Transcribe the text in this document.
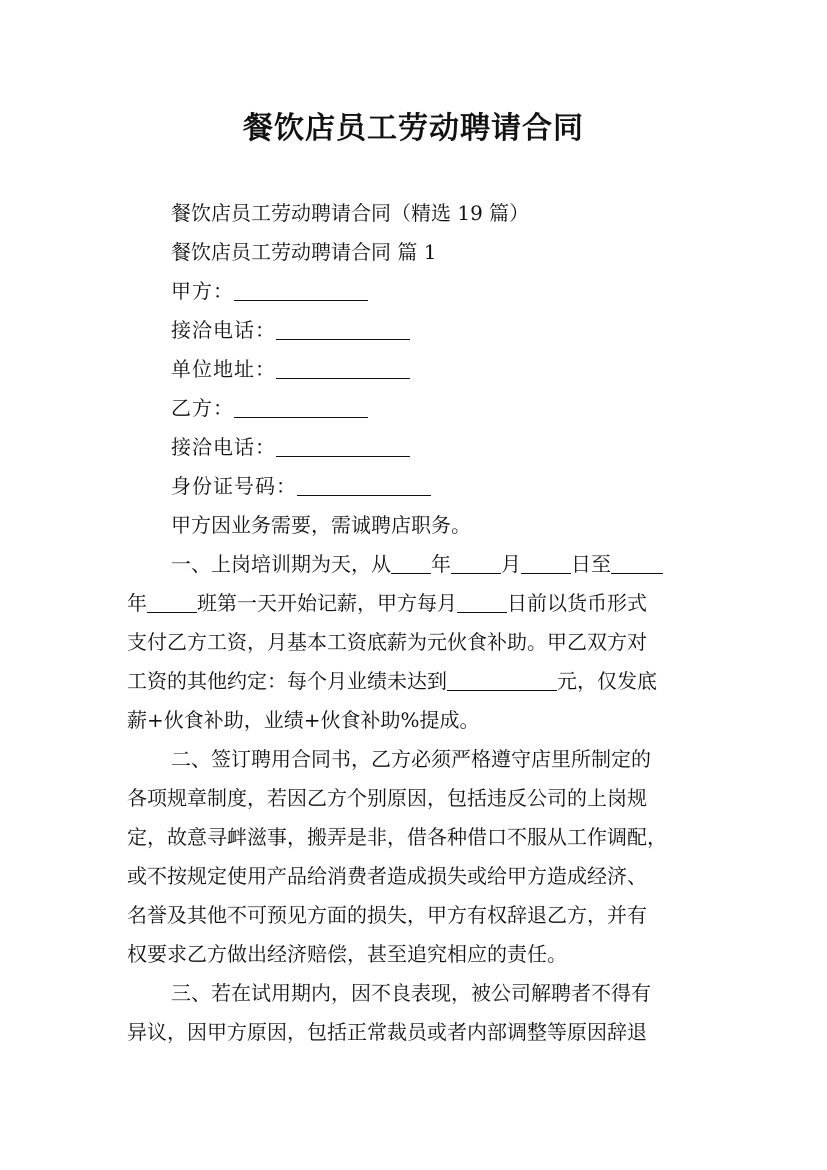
餐饮店员工劳动聘请合同

餐饮店员工劳动聘请合同（精选 19 篇）

餐饮店员工劳动聘请合同 篇 1

甲方：

接洽电话：

单位地址：

乙方：

接洽电话：

身份证号码：

甲方因业务需要，需诚聘店职务。

一、上岗培训期为天，从 年	月	日至

年	班第一天开始记薪，甲方每月	日前以货币形式

支付乙方工资，月基本工资底薪为元伙食补助。甲乙双方对

工资的其他约定：每个月业绩未达到	元，仅发底

薪+伙食补助，业绩+伙食补助%提成。

二、签订聘用合同书，乙方必须严格遵守店里所制定的

各项规章制度，若因乙方个别原因，包括违反公司的上岗规

定，故意寻衅滋事，搬弄是非，借各种借口不服从工作调配，

或不按规定使用产品给消费者造成损失或给甲方造成经济、

名誉及其他不可预见方面的损失，甲方有权辞退乙方，并有

权要求乙方做出经济赔偿，甚至追究相应的责任。

三、若在试用期内，因不良表现，被公司解聘者不得有

异议，因甲方原因，包括正常裁员或者内部调整等原因辞退
